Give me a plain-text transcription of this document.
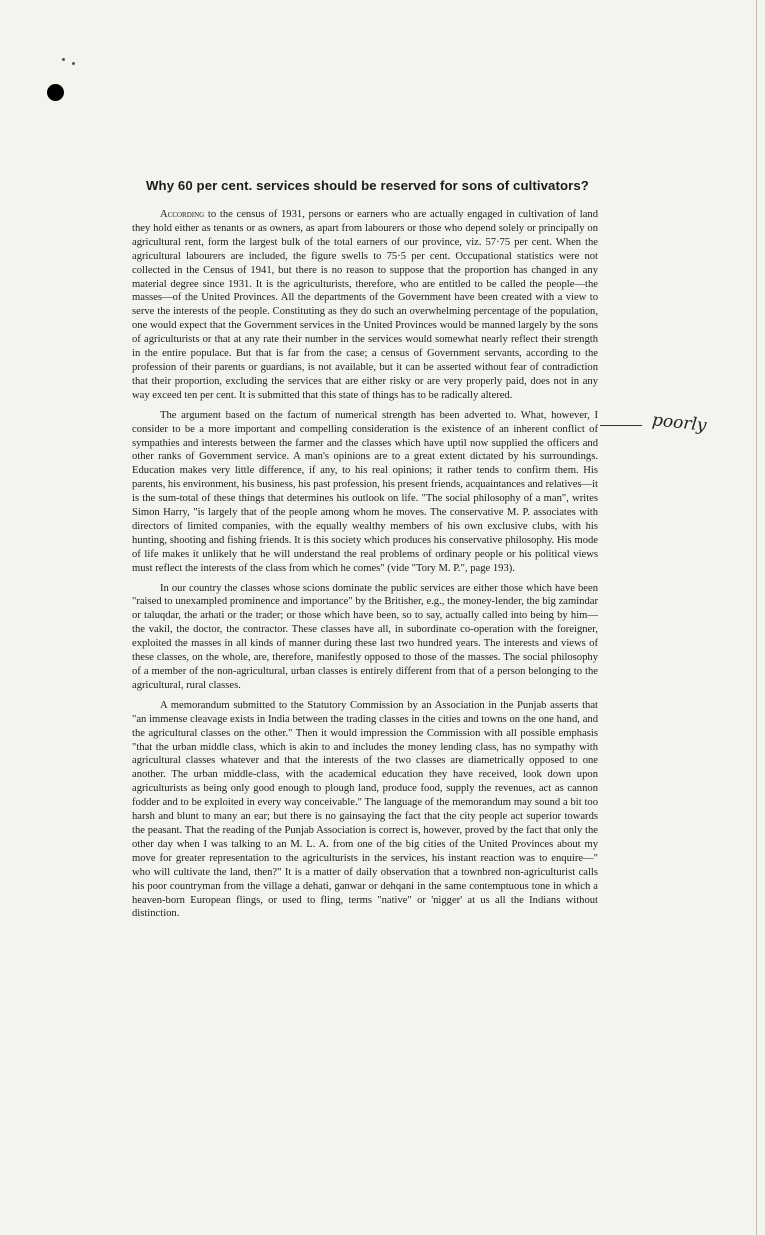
Why 60 per cent. services should be reserved for sons of cultivators?

According to the census of 1931, persons or earners who are actually engaged in cultivation of land they hold either as tenants or as owners, as apart from labourers or those who depend solely or principally on agricultural rent, form the largest bulk of the total earners of our province, viz. 57·75 per cent. When the agricultural labourers are included, the figure swells to 75·5 per cent. Occupational statistics were not collected in the Census of 1941, but there is no reason to suppose that the proportion has changed in any material degree since 1931. It is the agriculturists, therefore, who are entitled to be called the people—the masses—of the United Provinces. All the departments of the Government have been created with a view to serve the interests of the people. Constituting as they do such an overwhelming percentage of the population, one would expect that the Government services in the United Provinces would be manned largely by the sons of agriculturists or that at any rate their number in the services would somewhat nearly reflect their strength in the entire populace. But that is far from the case; a census of Government servants, according to the profession of their parents or guardians, is not available, but it can be asserted without fear of contradiction that their proportion, excluding the services that are either risky or are very properly paid, does not in any way exceed ten per cent. It is submitted that this state of things has to be radically altered.

The argument based on the factum of numerical strength has been adverted to. What, however, I consider to be a more important and compelling consideration is the existence of an inherent conflict of sympathies and interests between the farmer and the classes which have uptil now supplied the officers and other ranks of Government service. A man's opinions are to a great extent dictated by his surroundings. Education makes very little difference, if any, to his real opinions; it rather tends to confirm them. His parents, his environment, his business, his past profession, his present friends, acquaintances and relatives—it is the sum-total of these things that determines his outlook on life. "The social philosophy of a man", writes Simon Harry, "is largely that of the people among whom he moves. The conservative M. P. associates with directors of limited companies, with the equally wealthy members of his own exclusive clubs, with his hunting, shooting and fishing friends. It is this society which produces his conservative philosophy. His mode of life makes it unlikely that he will understand the real problems of ordinary people or his political views must reflect the interests of the class from which he comes" (vide "Tory M. P.", page 193).

In our country the classes whose scions dominate the public services are either those which have been "raised to unexampled prominence and importance" by the Britisher, e.g., the money-lender, the big zamindar or taluqdar, the arhati or the trader; or those which have been, so to say, actually called into being by him—the vakil, the doctor, the contractor. These classes have all, in subordinate co-operation with the foreigner, exploited the masses in all kinds of manner during these last two hundred years. The interests and views of these classes, on the whole, are, therefore, manifestly opposed to those of the masses. The social philosophy of a member of the non-agricultural, urban classes is entirely different from that of a person belonging to the agricultural, rural classes.

A memorandum submitted to the Statutory Commission by an Association in the Punjab asserts that "an immense cleavage exists in India between the trading classes in the cities and towns on the one hand, and the agricultural classes on the other." Then it would impression the Commission with all possible emphasis "that the urban middle class, which is akin to and includes the money lending class, has no sympathy with agricultural classes whatever and that the interests of the two classes are diametrically opposed to one another. The urban middle-class, with the academical education they have received, look down upon agriculturists as being only good enough to plough land, produce food, supply the revenues, act as cannon fodder and to be exploited in every way conceivable." The language of the memorandum may sound a bit too harsh and blunt to many an ear; but there is no gainsaying the fact that the city people act superior towards the peasant. That the reading of the Punjab Association is correct is, however, proved by the fact that only the other day when I was talking to an M. L. A. from one of the big cities of the United Provinces about my move for greater representation to the agriculturists in the services, his instant reaction was to enquire—" who will cultivate the land, then?" It is a matter of daily observation that a townbred non-agriculturist calls his poor countryman from the village a dehati, ganwar or dehqani in the same contemptuous tone in which a heaven-born European flings, or used to fling, terms "native" or 'nigger' at us all the Indians without distinction.

poorly
